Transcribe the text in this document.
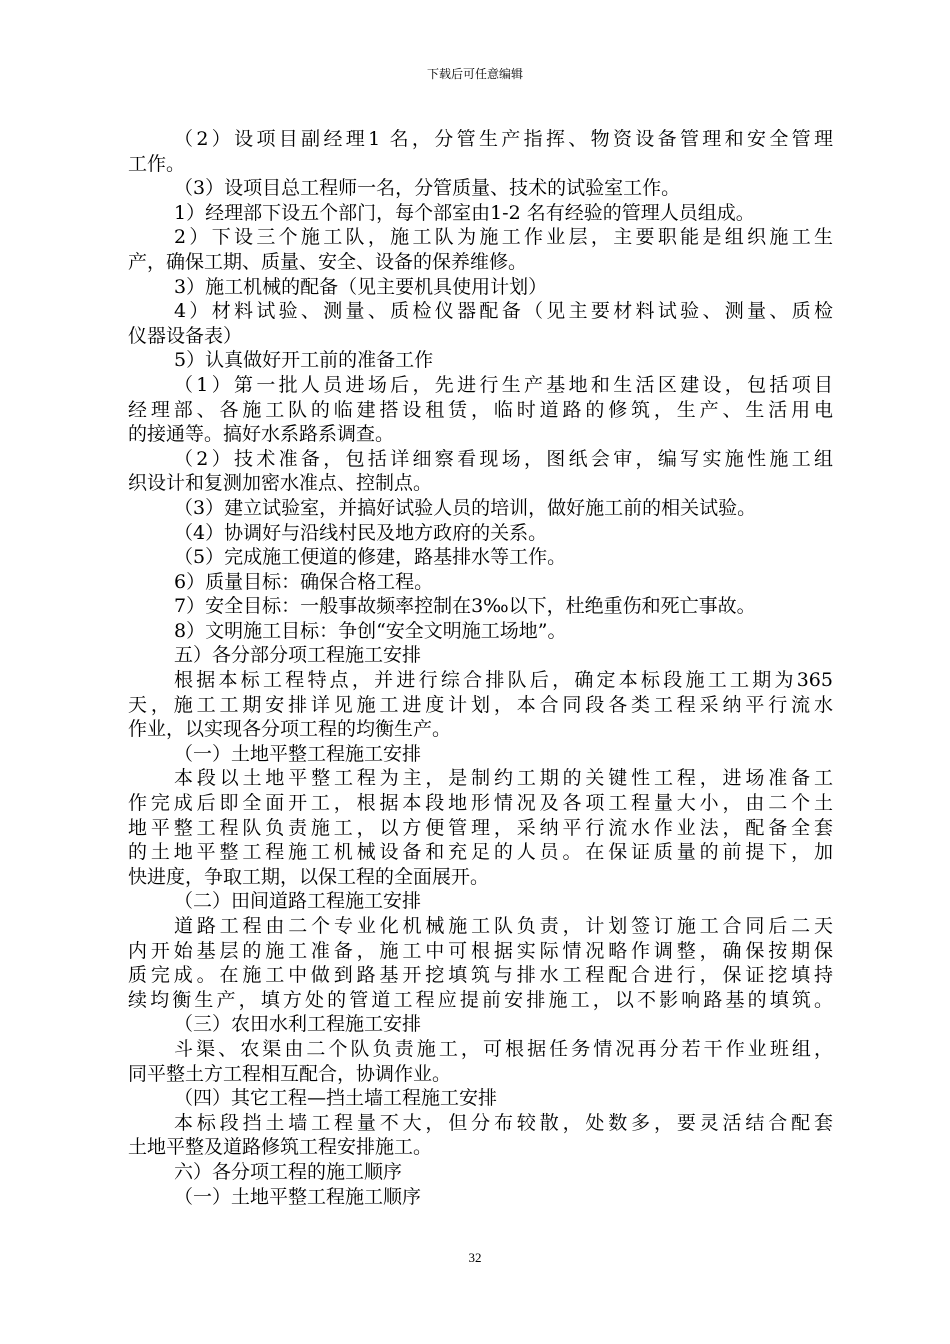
下载后可任意编辑
（2）设项目副经理1 名，分管生产指挥、物资设备管理和安全管理
工作。
（3）设项目总工程师一名，分管质量、技术的试验室工作。
1）经理部下设五个部门，每个部室由1-2 名有经验的管理人员组成。
2）下设三个施工队，施工队为施工作业层，主要职能是组织施工生
产，确保工期、质量、安全、设备的保养维修。
3）施工机械的配备（见主要机具使用计划）
4）材料试验、测量、质检仪器配备（见主要材料试验、测量、质检
仪器设备表）
5）认真做好开工前的准备工作
（1）第一批人员进场后，先进行生产基地和生活区建设，包括项目
经理部、各施工队的临建搭设租赁，临时道路的修筑，生产、生活用电
的接通等。搞好水系路系调查。
（2）技术准备，包括详细察看现场，图纸会审，编写实施性施工组
织设计和复测加密水准点、控制点。
（3）建立试验室，并搞好试验人员的培训，做好施工前的相关试验。
（4）协调好与沿线村民及地方政府的关系。
（5）完成施工便道的修建，路基排水等工作。
6）质量目标：确保合格工程。
7）安全目标：一般事故频率控制在3‰以下，杜绝重伤和死亡事故。
8）文明施工目标：争创“安全文明施工场地”。
五）各分部分项工程施工安排
根据本标工程特点，并进行综合排队后，确定本标段施工工期为365
天，施工工期安排详见施工进度计划，本合同段各类工程采纳平行流水
作业，以实现各分项工程的均衡生产。
（一）土地平整工程施工安排
本段以土地平整工程为主，是制约工期的关键性工程，进场准备工
作完成后即全面开工，根据本段地形情况及各项工程量大小，由二个土
地平整工程队负责施工，以方便管理，采纳平行流水作业法，配备全套
的土地平整工程施工机械设备和充足的人员。在保证质量的前提下，加
快进度，争取工期，以保工程的全面展开。
（二）田间道路工程施工安排
道路工程由二个专业化机械施工队负责，计划签订施工合同后二天
内开始基层的施工准备，施工中可根据实际情况略作调整，确保按期保
质完成。在施工中做到路基开挖填筑与排水工程配合进行，保证挖填持
续均衡生产，填方处的管道工程应提前安排施工，以不影响路基的填筑。
（三）农田水利工程施工安排
斗渠、农渠由二个队负责施工，可根据任务情况再分若干作业班组，
同平整土方工程相互配合，协调作业。
（四）其它工程—挡土墙工程施工安排
本标段挡土墙工程量不大，但分布较散，处数多，要灵活结合配套
土地平整及道路修筑工程安排施工。
六）各分项工程的施工顺序
（一）土地平整工程施工顺序
32
